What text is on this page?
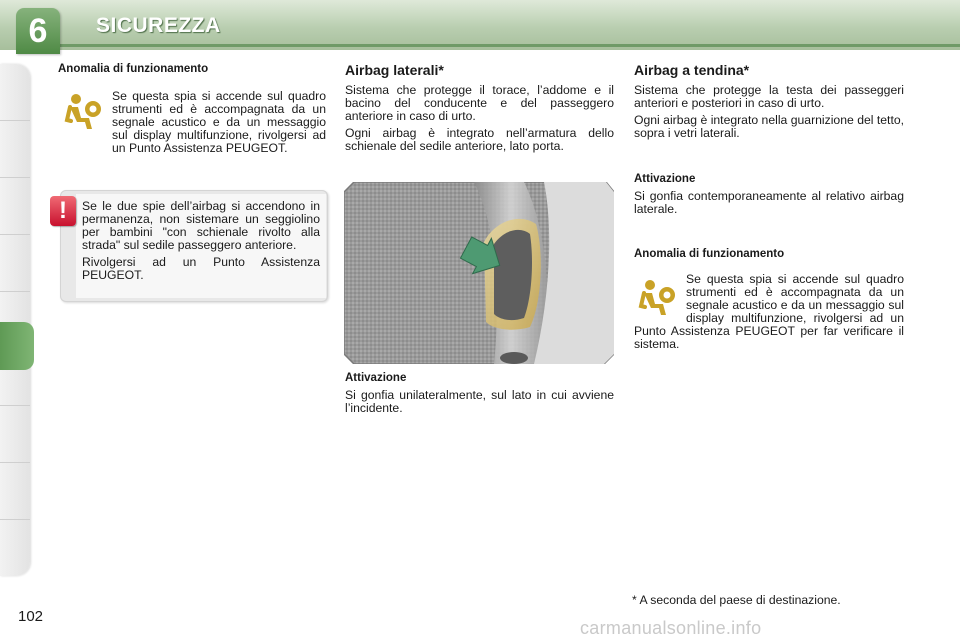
6	SICUREZZA
Anomalia di funzionamento

Se questa spia si accende sul quadro strumenti ed è accompagnata da un segnale acustico e da un messaggio sul display multifunzione, rivolgersi ad un Punto Assistenza PEUGEOT.

!	Se le due spie dell’airbag si accendono in permanenza, non sistemare un seggiolino per bambini "con schienale rivolto alla strada" sul sedile passeggero anteriore.

Rivolgersi ad un Punto Assistenza PEUGEOT.

Airbag laterali*

Sistema che protegge il torace, l’addome e il bacino del conducente e del passeggero anteriore in caso di urto.

Ogni airbag è integrato nell’armatura dello schienale del sedile anteriore, lato porta.

Attivazione

Si gonfia unilateralmente, sul lato in cui avviene l’incidente.

Airbag a tendina*

Sistema che protegge la testa dei passeggeri anteriori e posteriori in caso di urto.

Ogni airbag è integrato nella guarnizione del tetto, sopra i vetri laterali.

Attivazione

Si gonfia contemporaneamente al relativo airbag laterale.

Anomalia di funzionamento

Se questa spia si accende sul quadro strumenti ed è accompagnata da un segnale acustico e da un messaggio sul display multifunzione, rivolgersi ad un Punto Assistenza PEUGEOT per far verificare il sistema.

102
* A seconda del paese di destinazione.
carmanualsonline.info
